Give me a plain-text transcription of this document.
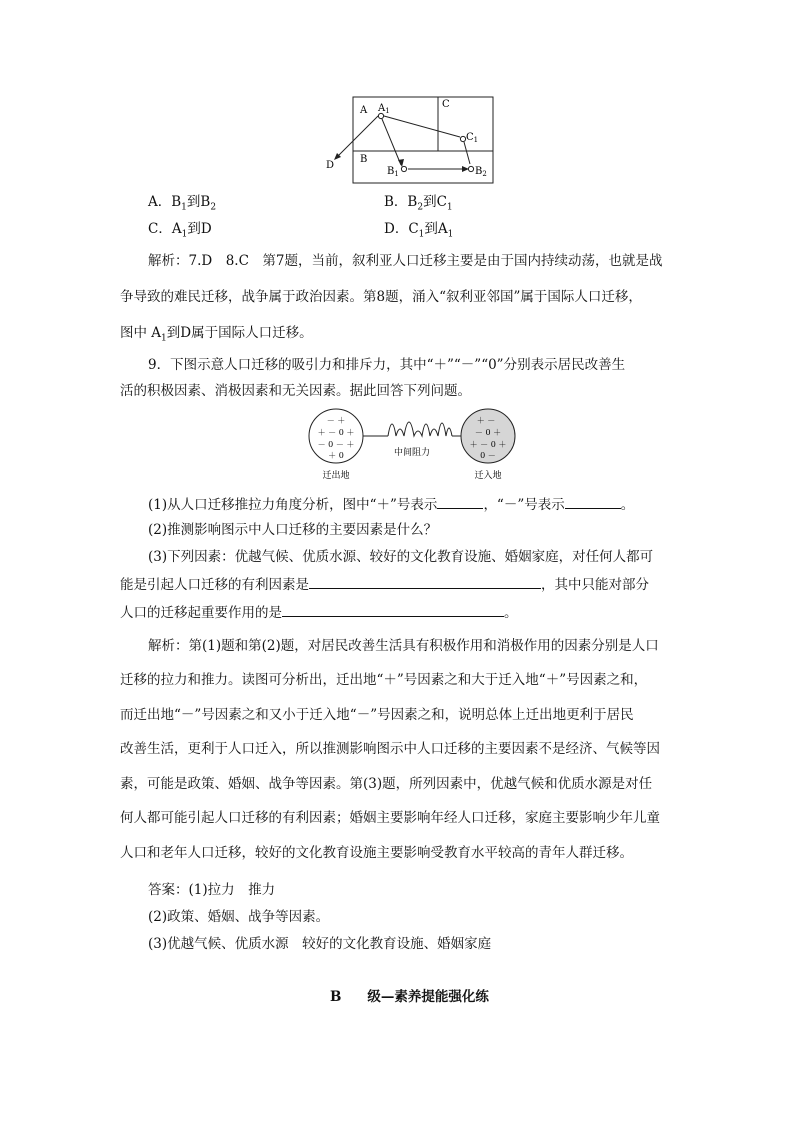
A
B
C
$A_1$
$C_1$
$B_1$	$B_2$
D
A．$B_1$到$B_2$	B．$B_2$到$C_1$
C．$A_1$到D	D．$C_1$到$A_1$
解析：7.D　8.C　第7题，当前，叙利亚人口迁移主要是由于国内持续动荡，也就是战
争导致的难民迁移，战争属于政治因素。第8题，涌入“叙利亚邻国”属于国际人口迁移，
图中 $A_1$到D属于国际人口迁移。
9．下图示意人口迁移的吸引力和排斥力，其中“＋”“－”“0”分别表示居民改善生
活的积极因素、消极因素和无关因素。据此回答下列问题。
－ ＋
＋ － 0 ＋
－ 0 － ＋
＋ 0
＋ －
－ 0 ＋
＋ － 0 ＋
0 －
中间阻力
迁出地	迁入地
(1)从人口迁移推拉力角度分析，图中“＋”号表示	，“－”号表示	。
(2)推测影响图示中人口迁移的主要因素是什么？
(3)下列因素：优越气候、优质水源、较好的文化教育设施、婚姻家庭，对任何人都可
能是引起人口迁移的有利因素是	，其中只能对部分
人口的迁移起重要作用的是	。
解析：第(1)题和第(2)题，对居民改善生活具有积极作用和消极作用的因素分别是人口
迁移的拉力和推力。读图可分析出，迁出地“＋”号因素之和大于迁入地“＋”号因素之和，
而迁出地“－”号因素之和又小于迁入地“－”号因素之和，说明总体上迁出地更利于居民
改善生活，更利于人口迁入，所以推测影响图示中人口迁移的主要因素不是经济、气候等因
素，可能是政策、婚姻、战争等因素。第(3)题，所列因素中，优越气候和优质水源是对任
何人都可能引起人口迁移的有利因素；婚姻主要影响年经人口迁移，家庭主要影响少年儿童
人口和老年人口迁移，较好的文化教育设施主要影响受教育水平较高的青年人群迁移。
答案：(1)拉力　推力
(2)政策、婚姻、战争等因素。
(3)优越气候、优质水源　较好的文化教育设施、婚姻家庭
B 级—素养提能强化练
